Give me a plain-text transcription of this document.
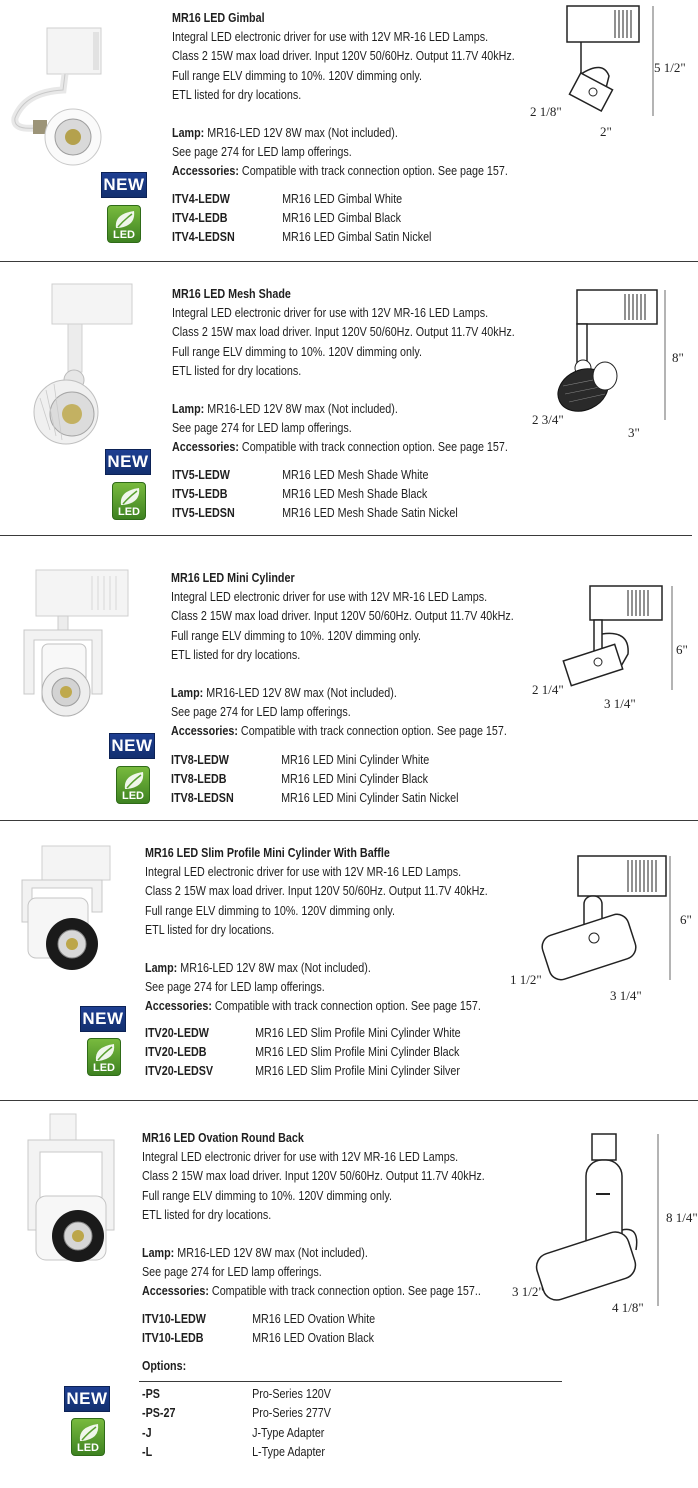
NEW
LED
MR16 LED Gimbal
Integral LED electronic driver for use with 12V MR-16 LED Lamps.
Class 2 15W max load driver. Input 120V 50/60Hz. Output 11.7V 40kHz.
Full range ELV dimming to 10%. 120V dimming only.
ETL listed for dry locations.
Lamp: MR16-LED 12V 8W max (Not included).
See page 274 for LED lamp offerings.
Accessories: Compatible with track connection option. See page 157.
ITV4-LEDW	MR16 LED Gimbal White
ITV4-LEDB	MR16 LED Gimbal Black
ITV4-LEDSN	MR16 LED Gimbal Satin Nickel
5 1/2"
2 1/8"
2"
NEW
LED
MR16 LED Mesh Shade
Integral LED electronic driver for use with 12V MR-16 LED Lamps.
Class 2 15W max load driver. Input 120V 50/60Hz. Output 11.7V 40kHz.
Full range ELV dimming to 10%. 120V dimming only.
ETL listed for dry locations.
Lamp: MR16-LED 12V 8W max (Not included).
See page 274 for LED lamp offerings.
Accessories: Compatible with track connection option. See page 157.
ITV5-LEDW	MR16 LED Mesh Shade White
ITV5-LEDB	MR16 LED Mesh Shade Black
ITV5-LEDSN	MR16 LED Mesh Shade Satin Nickel
8"
2 3/4"
3"
NEW
LED
MR16 LED Mini Cylinder
Integral LED electronic driver for use with 12V MR-16 LED Lamps.
Class 2 15W max load driver. Input 120V 50/60Hz. Output 11.7V 40kHz.
Full range ELV dimming to 10%. 120V dimming only.
ETL listed for dry locations.
Lamp: MR16-LED 12V 8W max (Not included).
See page 274 for LED lamp offerings.
Accessories: Compatible with track connection option. See page 157.
ITV8-LEDW	MR16 LED Mini Cylinder White
ITV8-LEDB	MR16 LED Mini Cylinder Black
ITV8-LEDSN	MR16 LED Mini Cylinder Satin Nickel
6"
2 1/4"
3 1/4"
NEW
LED
MR16 LED Slim Profile Mini Cylinder With Baffle
Integral LED electronic driver for use with 12V MR-16 LED Lamps.
Class 2 15W max load driver. Input 120V 50/60Hz. Output 11.7V 40kHz.
Full range ELV dimming to 10%. 120V dimming only.
ETL listed for dry locations.
Lamp: MR16-LED 12V 8W max (Not included).
See page 274 for LED lamp offerings.
Accessories: Compatible with track connection option. See page 157.
ITV20-LEDW	MR16 LED Slim Profile Mini Cylinder White
ITV20-LEDB	MR16 LED Slim Profile Mini Cylinder Black
ITV20-LEDSV	MR16 LED Slim Profile Mini Cylinder Silver
6"
1 1/2"
3 1/4"
NEW
LED
MR16 LED Ovation Round Back
Integral LED electronic driver for use with 12V MR-16 LED Lamps.
Class 2 15W max load driver. Input 120V 50/60Hz. Output 11.7V 40kHz.
Full range ELV dimming to 10%. 120V dimming only.
ETL listed for dry locations.
Lamp: MR16-LED 12V 8W max (Not included).
See page 274 for LED lamp offerings.
Accessories: Compatible with track connection option. See page 157..
ITV10-LEDW	MR16 LED Ovation White
ITV10-LEDB	MR16 LED Ovation Black
Options:
-PS	Pro-Series 120V
-PS-27	Pro-Series 277V
-J	J-Type Adapter
-L	L-Type Adapter
8 1/4"
3 1/2"
4 1/8"
